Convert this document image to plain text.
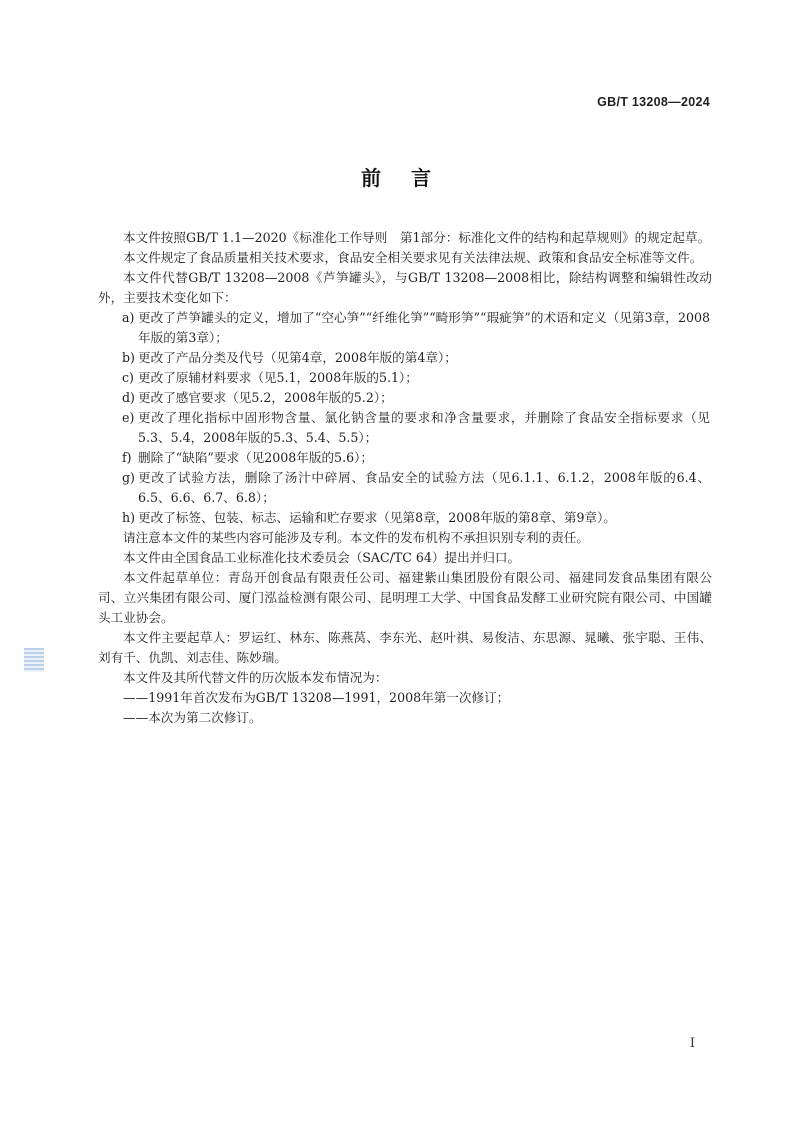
GB/T 13208—2024
前言

本文件按照GB/T 1.1—2020《标准化工作导则　第1部分：标准化文件的结构和起草规则》的规定起草。

本文件规定了食品质量相关技术要求，食品安全相关要求见有关法律法规、政策和食品安全标准等文件。

本文件代替GB/T 13208—2008《芦笋罐头》，与GB/T 13208—2008相比，除结构调整和编辑性改动外，主要技术变化如下：

a) 更改了芦笋罐头的定义，增加了“空心笋”“纤维化笋”“畸形笋”“瑕疵笋”的术语和定义（见第3章，2008年版的第3章）；
b) 更改了产品分类及代号（见第4章，2008年版的第4章）；
c) 更改了原辅材料要求（见5.1，2008年版的5.1）；
d) 更改了感官要求（见5.2，2008年版的5.2）；
e) 更改了理化指标中固形物含量、氯化钠含量的要求和净含量要求，并删除了食品安全指标要求（见5.3、5.4，2008年版的5.3、5.4、5.5）；
f) 删除了“缺陷”要求（见2008年版的5.6）；
g) 更改了试验方法，删除了汤汁中碎屑、食品安全的试验方法（见6.1.1、6.1.2，2008年版的6.4、6.5、6.6、6.7、6.8）；
h) 更改了标签、包装、标志、运输和贮存要求（见第8章，2008年版的第8章、第9章）。

请注意本文件的某些内容可能涉及专利。本文件的发布机构不承担识别专利的责任。

本文件由全国食品工业标准化技术委员会（SAC/TC 64）提出并归口。

本文件起草单位：青岛开创食品有限责任公司、福建紫山集团股份有限公司、福建同发食品集团有限公司、立兴集团有限公司、厦门泓益检测有限公司、昆明理工大学、中国食品发酵工业研究院有限公司、中国罐头工业协会。

本文件主要起草人：罗运红、林东、陈燕莴、李东光、赵叶祺、易俊洁、东思源、晁曦、张宇聪、王伟、刘有千、仇凯、刘志佳、陈妙瑞。

本文件及其所代替文件的历次版本发布情况为：

——1991年首次发布为GB/T 13208—1991，2008年第一次修订；

——本次为第二次修订。

I
